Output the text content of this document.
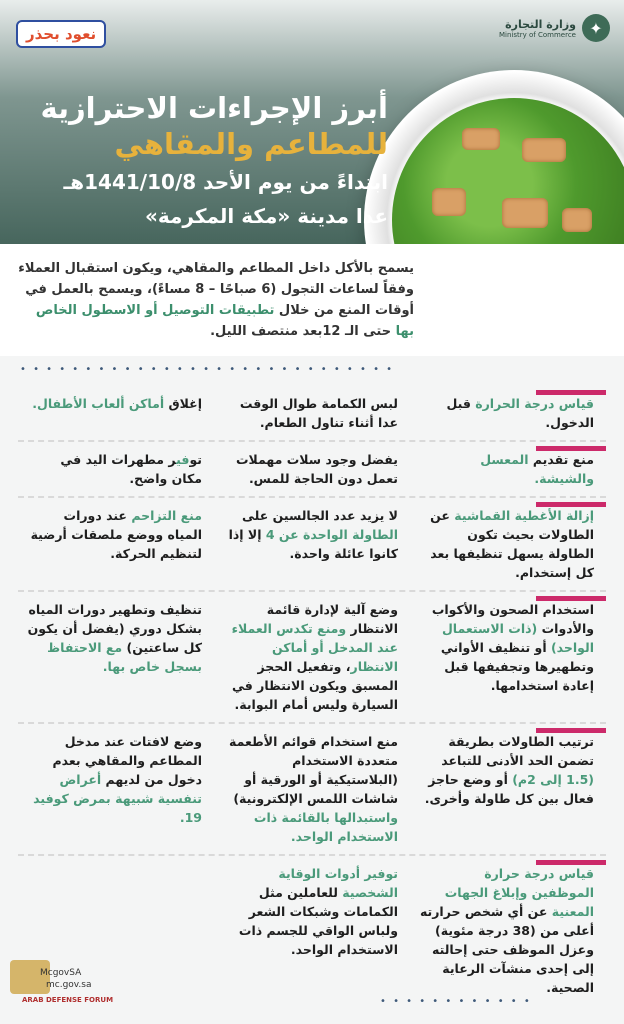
وزارة التجارة
Ministry of Commerce ✦
نعود بحذر
أبرز الإجراءات الاحترازية
للمطاعم والمقاهي
ابتداءً من يوم الأحد 1441/10/8هـ
عدا مدينة «مكة المكرمة»
يسمح بالأكل داخل المطاعم والمقاهي، ويكون استقبال العملاء وفقاً لساعات التجول (6 صباحًا – 8 مساءً)، ويسمح بالعمل في أوقات المنع من خلال تطبيقات التوصيل أو الاسطول الخاص بها حتى الـ 12بعد منتصف الليل.
• • • • • • • • • • • • • • • • • • • • • • • • • • • • •
قياس درجة الحرارة قبل الدخول.
لبس الكمامة طوال الوقت عدا أثناء تناول الطعام.
إغلاق أماكن ألعاب الأطفال.
منع تقديم المعسل والشيشة.
يفضل وجود سلات مهملات تعمل دون الحاجة للمس.
توفير مطهرات اليد في مكان واضح.
إزالة الأغطية القماشية عن الطاولات بحيث تكون الطاولة يسهل تنظيفها بعد كل إستخدام.
لا يزيد عدد الجالسين على الطاولة الواحدة عن 4 إلا إذا كانوا عائلة واحدة.
منع التزاحم عند دورات المياه ووضع ملصقات أرضية لتنظيم الحركة.
استخدام الصحون والأكواب والأدوات (ذات الاستعمال الواحد) أو تنظيف الأواني وتطهيرها وتجفيفها قبل إعادة استخدامها.
وضع آلية لإدارة قائمة الانتظار ومنع تكدس العملاء عند المدخل أو أماكن الانتظار، وتفعيل الحجز المسبق ويكون الانتظار في السيارة وليس أمام البوابة.
تنظيف وتطهير دورات المياه بشكل دوري (يفضل أن يكون كل ساعتين) مع الاحتفاظ بسجل خاص بها.
ترتيب الطاولات بطريقة تضمن الحد الأدنى للتباعد (1.5 إلى 2م) أو وضع حاجز فعال بين كل طاولة وأخرى.
منع استخدام قوائم الأطعمة متعددة الاستخدام (البلاستيكية أو الورقية أو شاشات اللمس الإلكترونية) واستبدالها بالقائمة ذات الاستخدام الواحد.
وضع لافتات عند مدخل المطاعم والمقاهي بعدم دخول من لديهم أعراض تنفسية شبيهة بمرض كوفيد 19.
قياس درجة حرارة الموظفين وإبلاغ الجهات المعنية عن أي شخص حرارته أعلى من (38 درجة مئوية) وعزل الموظف حتى إحالته إلى إحدى منشآت الرعاية الصحية.
توفير أدوات الوقاية الشخصية للعاملين مثل الكمامات وشبكات الشعر ولباس الواقي للجسم ذات الاستخدام الواحد.
• • • • • • • • • • • •
McgovSA
mc.gov.sa
ARAB DEFENSE FORUM
